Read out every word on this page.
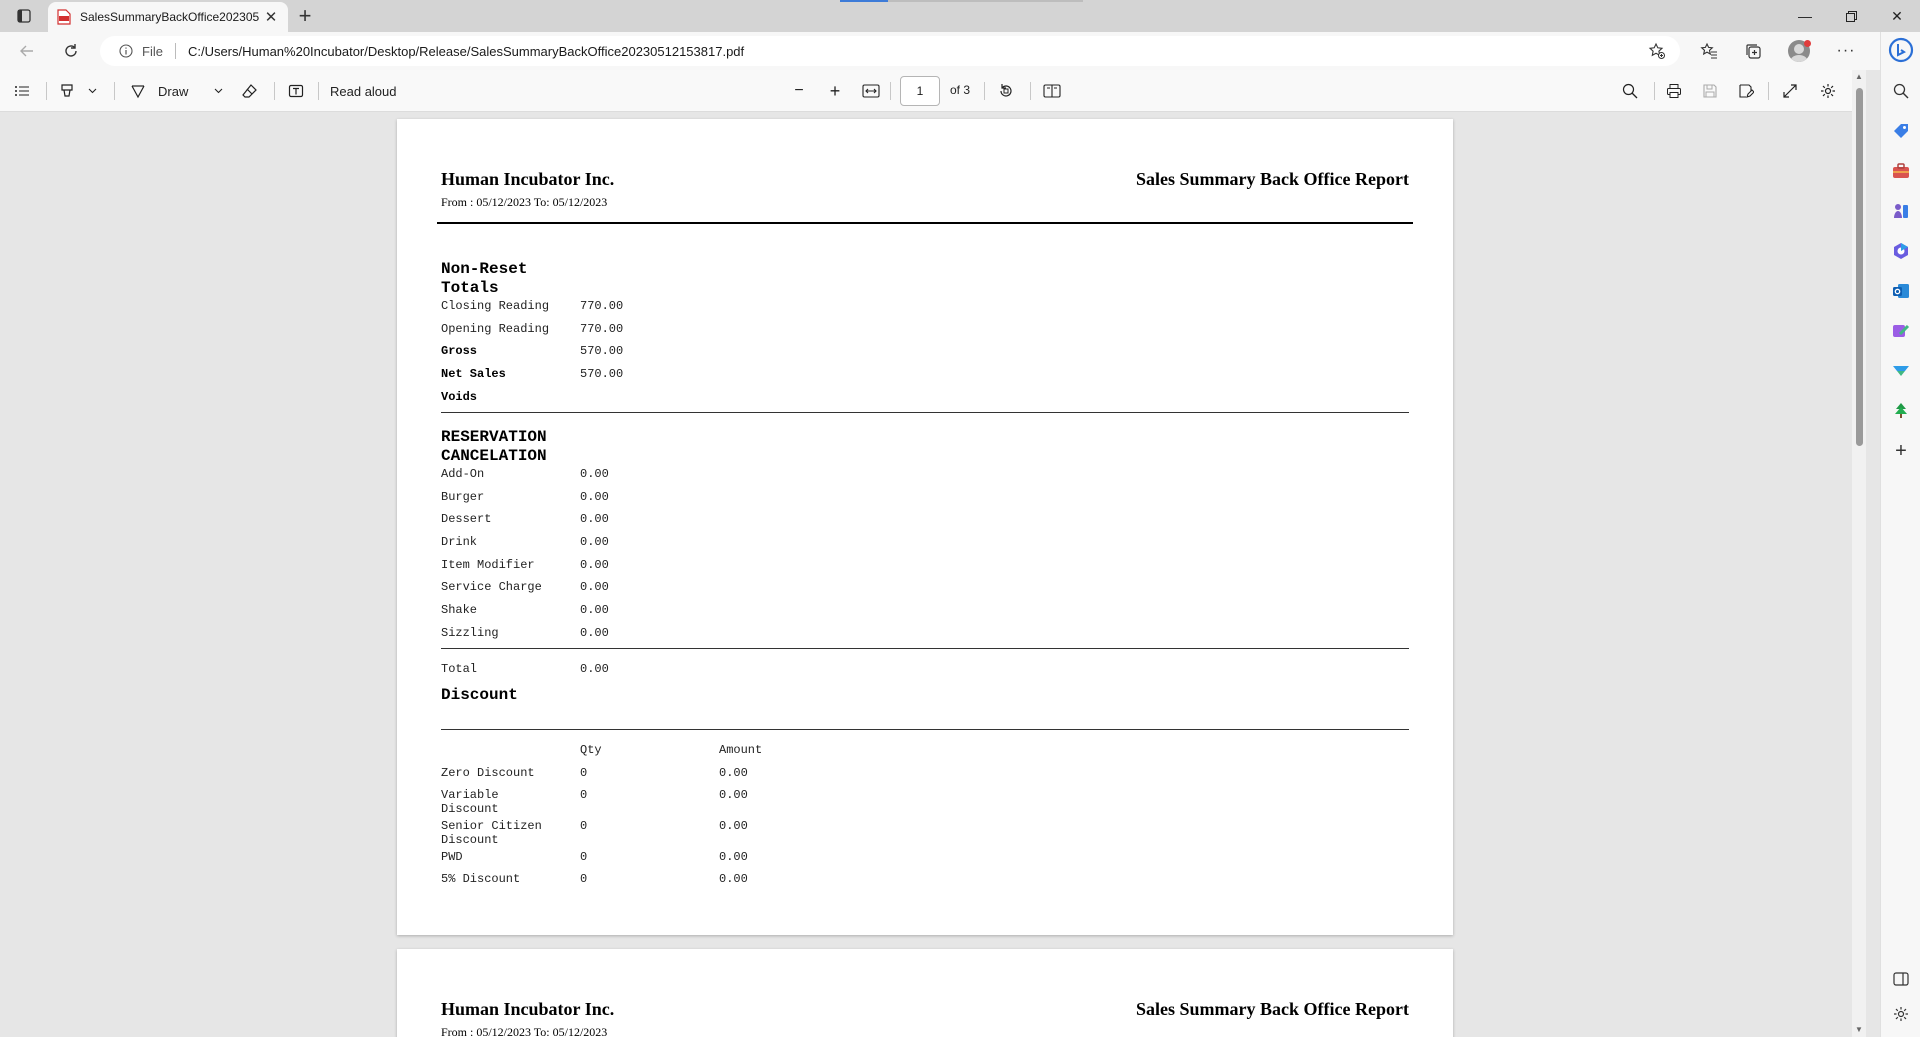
SalesSummaryBackOffice202305 ✕ +	—	✕
File C:/Users/Human%20Incubator/Desktop/Release/SalesSummaryBackOffice20230512153817.pdf	···
Draw	Read aloud	−	+	1	of 3
Human Incubator Inc.	Sales Summary Back Office Report
From : 05/12/2023 To: 05/12/2023
Non-Reset
Totals
Closing Reading	770.00
Opening Reading	770.00
Gross	570.00
Net Sales	570.00
Voids
RESERVATION
CANCELATION
Add-On	0.00
Burger	0.00
Dessert	0.00
Drink	0.00
Item Modifier	0.00
Service Charge	0.00
Shake	0.00
Sizzling	0.00
Total	0.00
Discount
Qty	Amount
Zero Discount	0	0.00
Variable
Discount
0	0.00
Senior Citizen
Discount
0	0.00
PWD	0	0.00
5% Discount	0	0.00
Human Incubator Inc.	Sales Summary Back Office Report
From : 05/12/2023 To: 05/12/2023
▲
▼
+
